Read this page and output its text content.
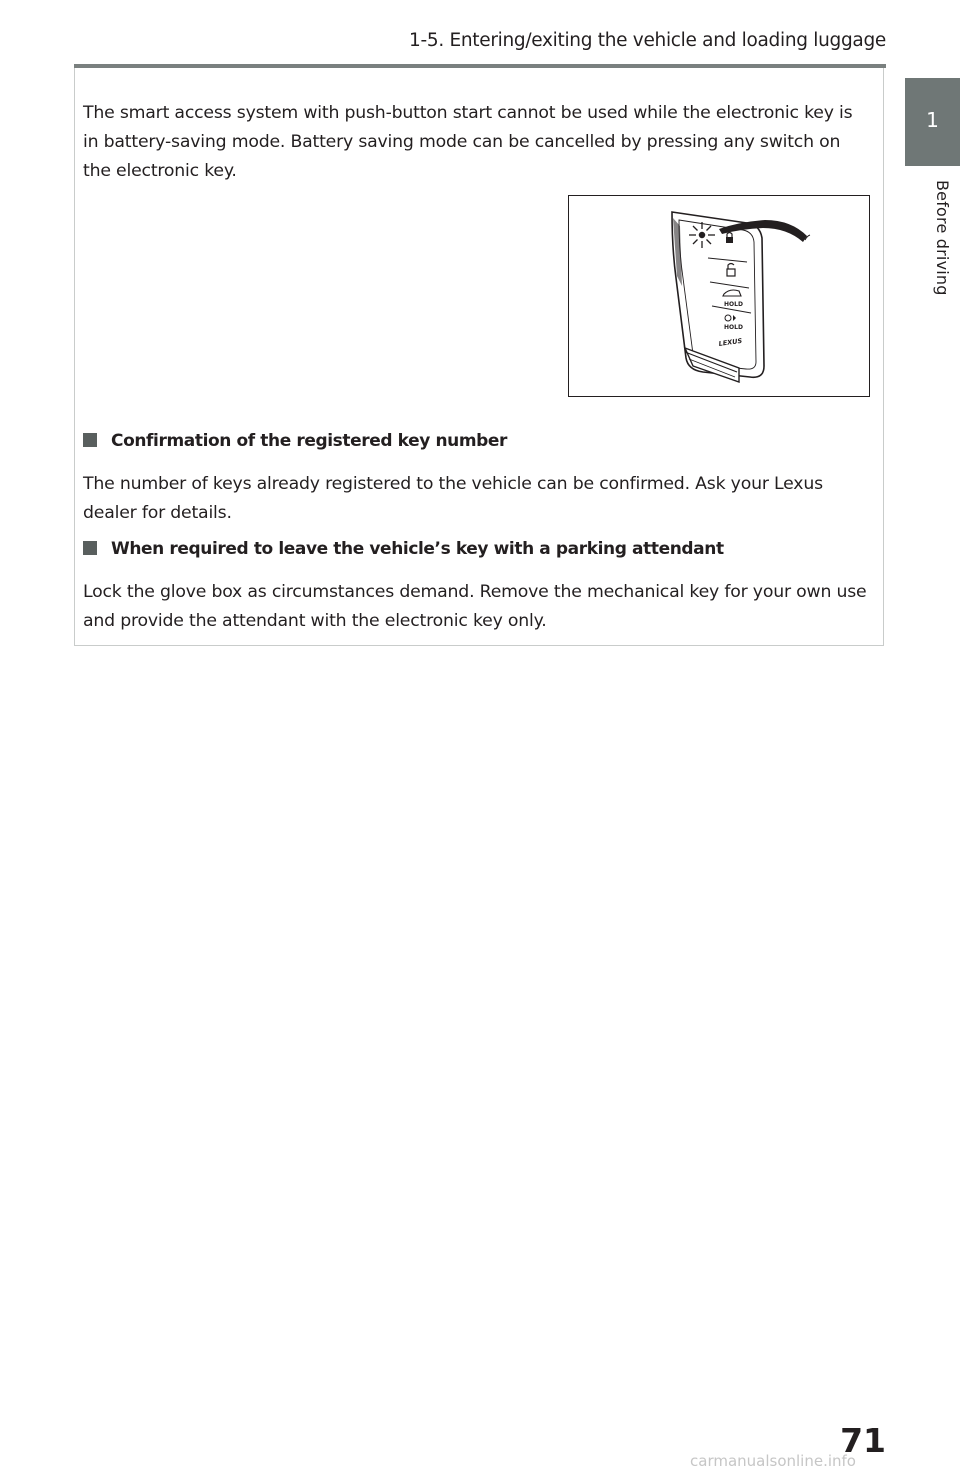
1-5. Entering/exiting the vehicle and loading luggage
1
Before driving

The smart access system with push-button start cannot be used while the electronic key is in battery-saving mode. Battery saving mode can be cancelled by pressing any switch on the electronic key.

HOLD
HOLD
LEXUS
Confirmation of the registered key number

The number of keys already registered to the vehicle can be confirmed. Ask your Lexus dealer for details.

When required to leave the vehicle’s key with a parking attendant

Lock the glove box as circumstances demand. Remove the mechanical key for your own use and provide the attendant with the electronic key only.

71
carmanualsonline.info
